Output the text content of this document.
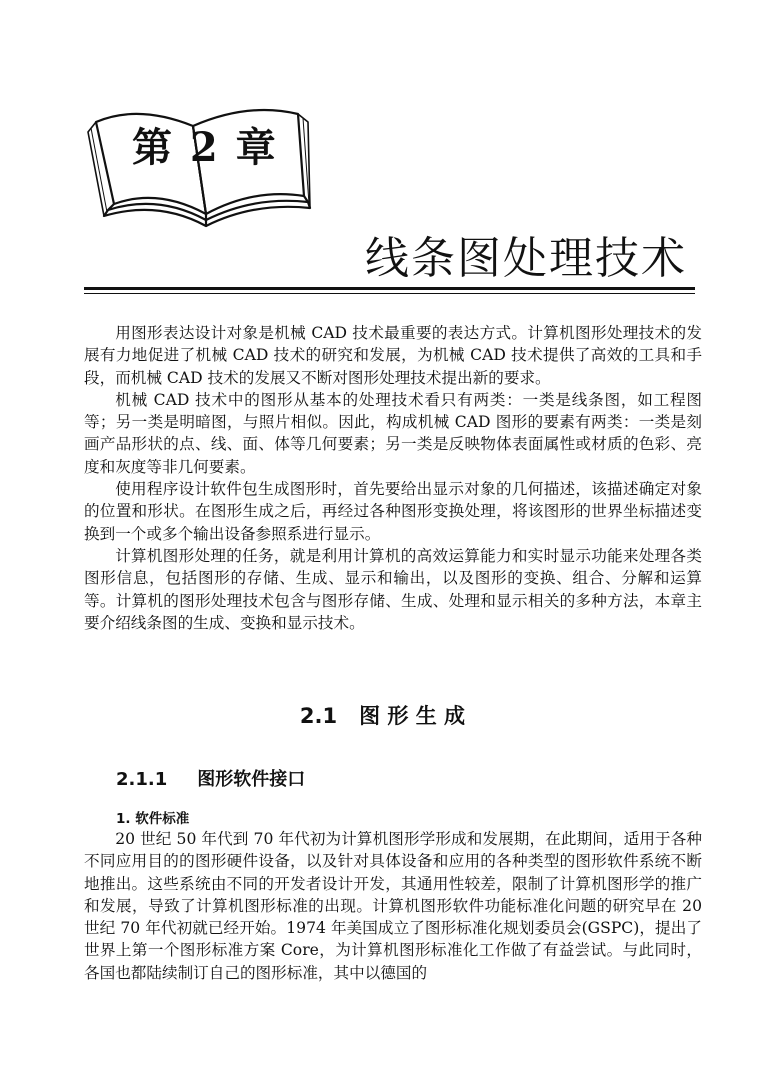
第 2 章
线条图处理技术

用图形表达设计对象是机械 CAD 技术最重要的表达方式。计算机图形处理技术的发展有力地促进了机械 CAD 技术的研究和发展，为机械 CAD 技术提供了高效的工具和手段，而机械 CAD 技术的发展又不断对图形处理技术提出新的要求。

机械 CAD 技术中的图形从基本的处理技术看只有两类：一类是线条图，如工程图等；另一类是明暗图，与照片相似。因此，构成机械 CAD 图形的要素有两类：一类是刻画产品形状的点、线、面、体等几何要素；另一类是反映物体表面属性或材质的色彩、亮度和灰度等非几何要素。

使用程序设计软件包生成图形时，首先要给出显示对象的几何描述，该描述确定对象的位置和形状。在图形生成之后，再经过各种图形变换处理，将该图形的世界坐标描述变换到一个或多个输出设备参照系进行显示。

计算机图形处理的任务，就是利用计算机的高效运算能力和实时显示功能来处理各类图形信息，包括图形的存储、生成、显示和输出，以及图形的变换、组合、分解和运算等。计算机的图形处理技术包含与图形存储、生成、处理和显示相关的多种方法，本章主要介绍线条图的生成、变换和显示技术。

2.1 图 形 生 成
2.1.1 图形软件接口
1. 软件标准

20 世纪 50 年代到 70 年代初为计算机图形学形成和发展期，在此期间，适用于各种不同应用目的的图形硬件设备，以及针对具体设备和应用的各种类型的图形软件系统不断地推出。这些系统由不同的开发者设计开发，其通用性较差，限制了计算机图形学的推广和发展，导致了计算机图形标准的出现。计算机图形软件功能标准化问题的研究早在 20 世纪 70 年代初就已经开始。1974 年美国成立了图形标准化规划委员会(GSPC)，提出了世界上第一个图形标准方案 Core，为计算机图形标准化工作做了有益尝试。与此同时，各国也都陆续制订自己的图形标准，其中以德国的
